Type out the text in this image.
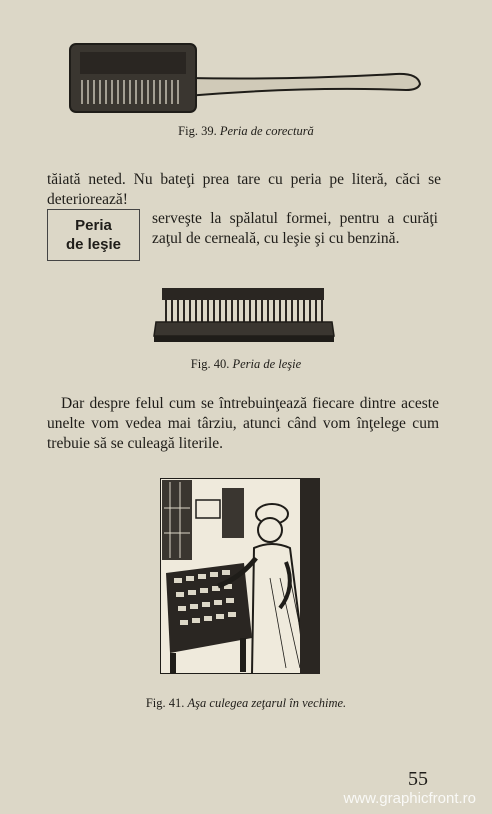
Fig. 39. Peria de corectură
tăiată neted. Nu bateţi prea tare cu peria pe literă, căci se deteriorează!
Peria
de leşie
serveşte la spălatul formei, pentru a curăţi zaţul de cerneală, cu leşie şi cu benzină.
Fig. 40. Peria de leşie
Dar despre felul cum se întrebuinţează fiecare dintre aceste unelte vom vedea mai târziu, atunci când vom înţelege cum trebuie să se culeagă literile.
Fig. 41. Aşa culegea zeţarul în vechime.
55
www.graphicfront.ro
